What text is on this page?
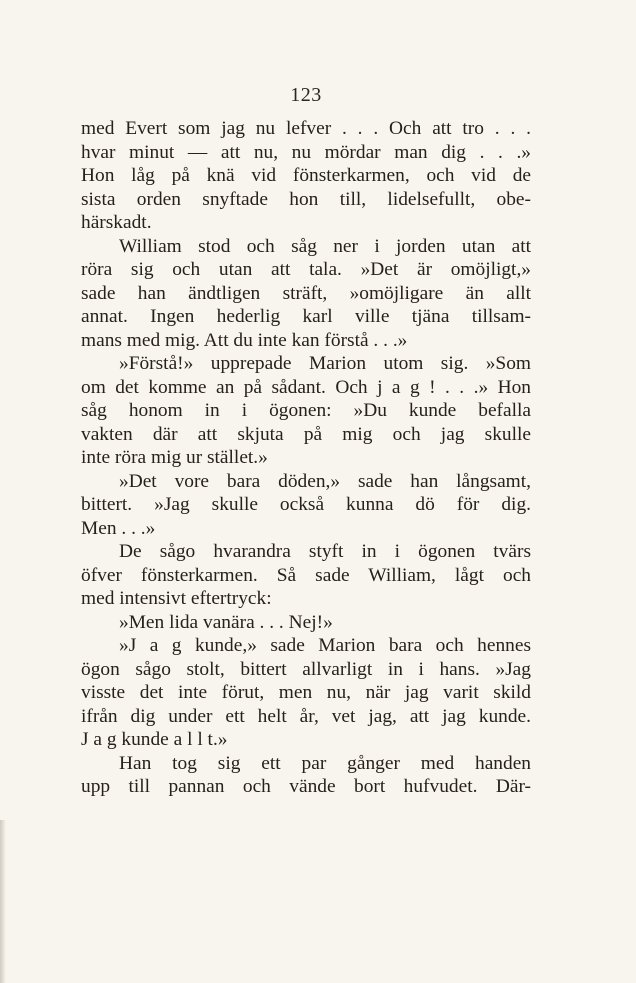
123
med Evert som jag nu lefver . . . Och att tro . . .
hvar minut — att nu, nu mördar man dig . . .»
Hon låg på knä vid fönsterkarmen, och vid de
sista orden snyftade hon till, lidelsefullt, obe-
härskadt.
William stod och såg ner i jorden utan att
röra sig och utan att tala. »Det är omöjligt,»
sade han ändtligen sträft, »omöjligare än allt
annat. Ingen hederlig karl ville tjäna tillsam-
mans med mig. Att du inte kan förstå . . .»
»Förstå!» upprepade Marion utom sig. »Som
om det komme an på sådant. Och j a g ! . . .» Hon
såg honom in i ögonen: »Du kunde befalla
vakten där att skjuta på mig och jag skulle
inte röra mig ur stället.»
»Det vore bara döden,» sade han långsamt,
bittert. »Jag skulle också kunna dö för dig.
Men . . .»
De sågo hvarandra styft in i ögonen tvärs
öfver fönsterkarmen. Så sade William, lågt och
med intensivt eftertryck:
»Men lida vanära . . . Nej!»
»J a g kunde,» sade Marion bara och hennes
ögon sågo stolt, bittert allvarligt in i hans. »Jag
visste det inte förut, men nu, när jag varit skild
ifrån dig under ett helt år, vet jag, att jag kunde.
J a g kunde a l l t.»
Han tog sig ett par gånger med handen
upp till pannan och vände bort hufvudet. Där-
